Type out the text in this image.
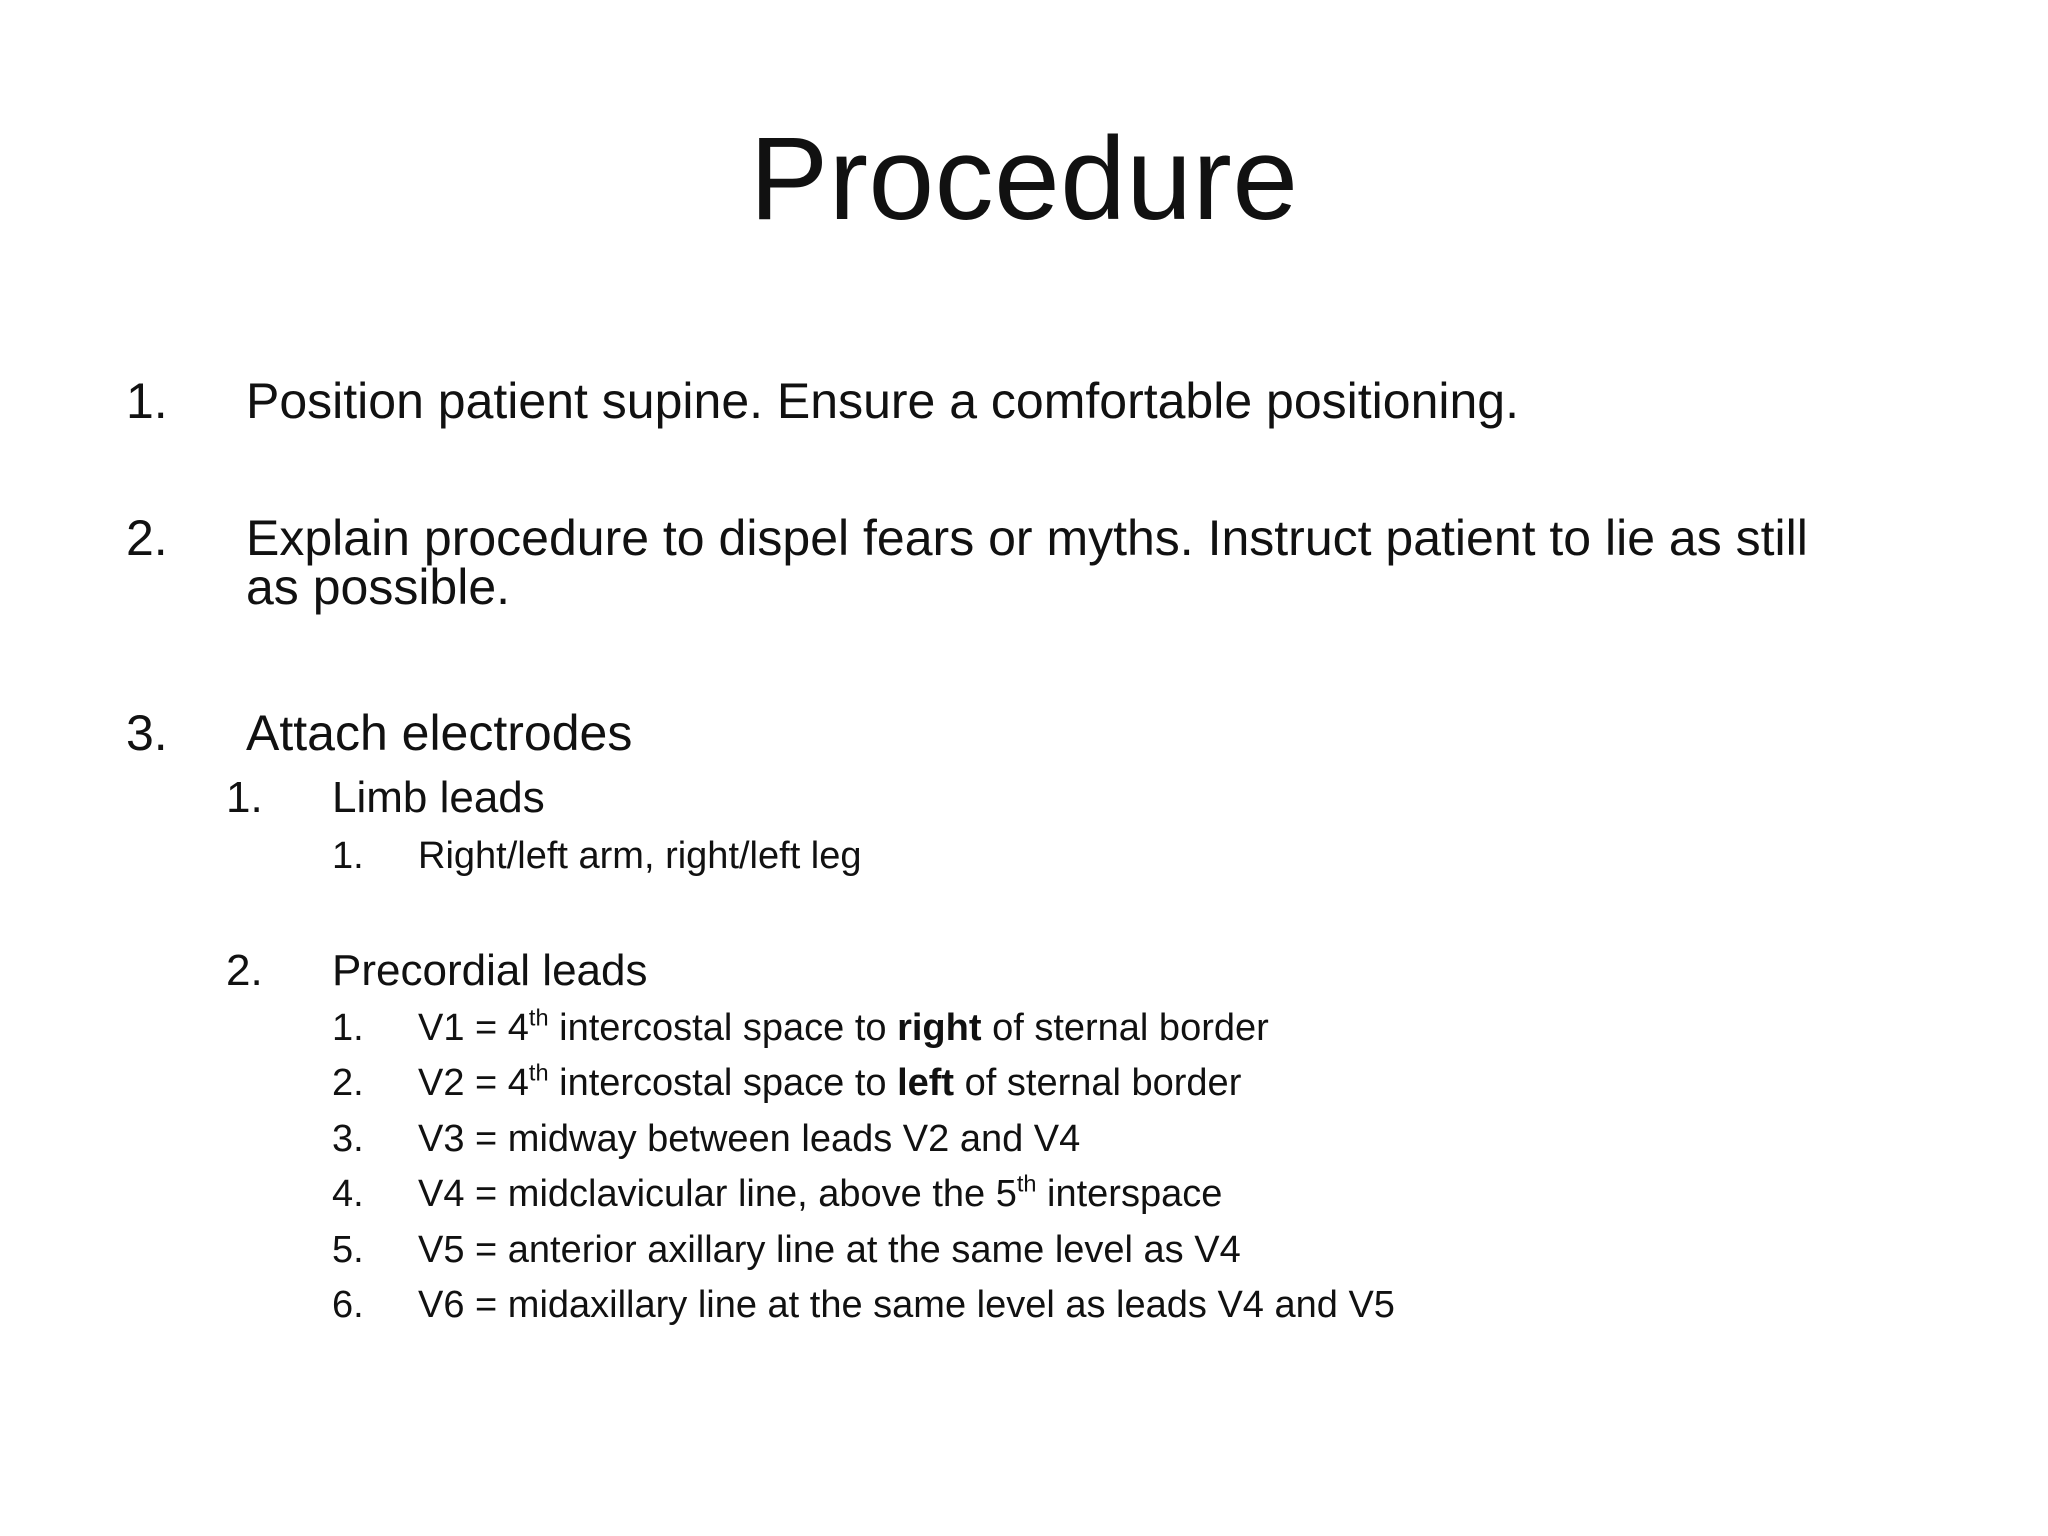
Procedure
1. Position patient supine. Ensure a comfortable positioning.
2. Explain procedure to dispel fears or myths. Instruct patient to lie as still
as possible.
3. Attach electrodes
1. Limb leads
1. Right/left arm, right/left leg
2. Precordial leads
1. V1 = 4th intercostal space to right of sternal border
2. V2 = 4th intercostal space to left of sternal border
3. V3 = midway between leads V2 and V4
4. V4 = midclavicular line, above the 5th interspace
5. V5 = anterior axillary line at the same level as V4
6. V6 = midaxillary line at the same level as leads V4 and V5
